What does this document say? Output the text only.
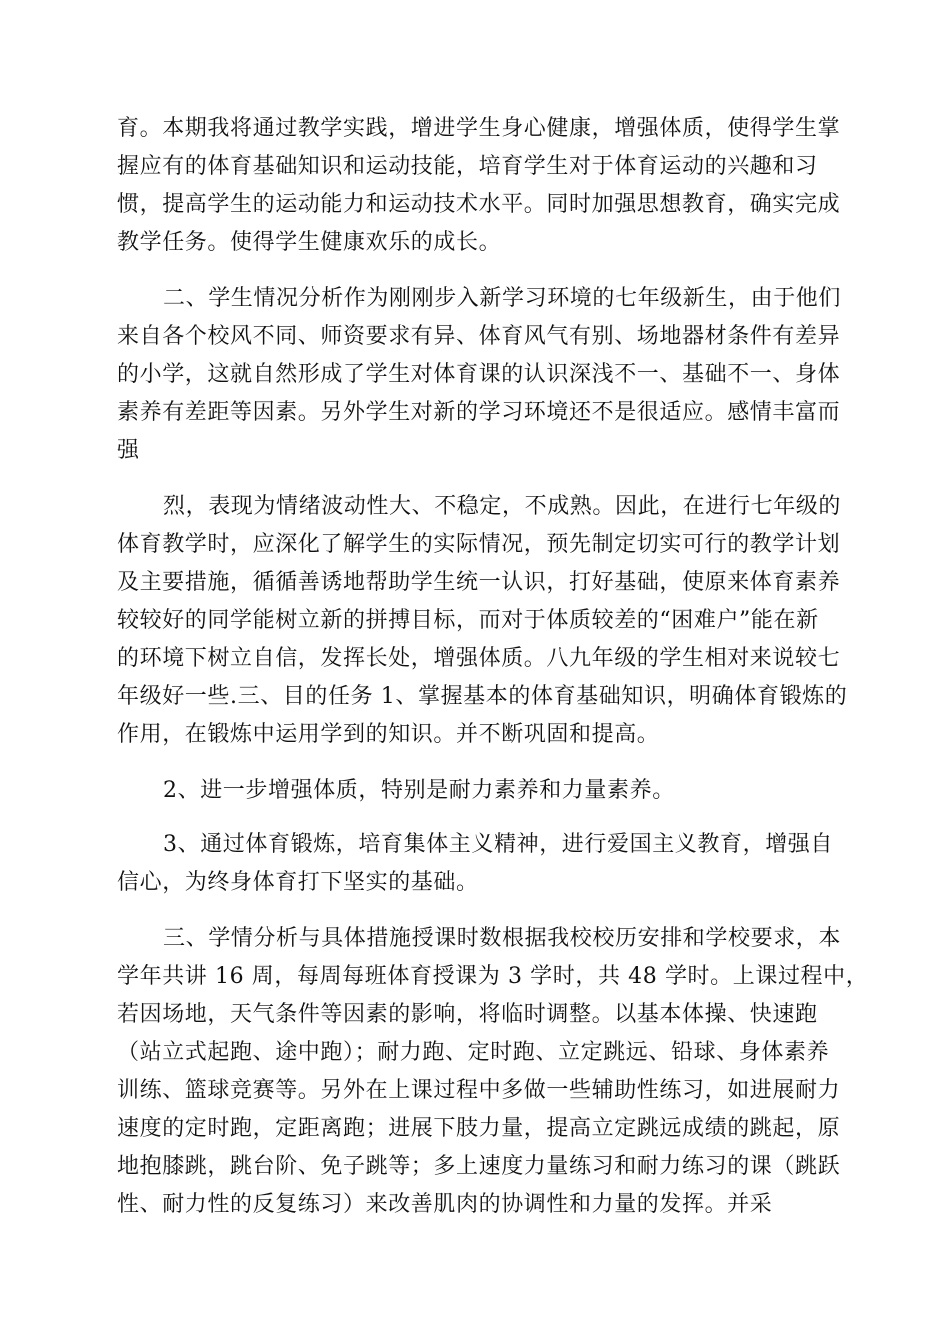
育。本期我将通过教学实践，增进学生身心健康，增强体质，使得学生掌

握应有的体育基础知识和运动技能，培育学生对于体育运动的兴趣和习

惯，提高学生的运动能力和运动技术水平。同时加强思想教育，确实完成

教学任务。使得学生健康欢乐的成长。

二、学生情况分析作为刚刚步入新学习环境的七年级新生，由于他们

来自各个校风不同、师资要求有异、体育风气有别、场地器材条件有差异

的小学，这就自然形成了学生对体育课的认识深浅不一、基础不一、身体

素养有差距等因素。另外学生对新的学习环境还不是很适应。感情丰富而

强

烈，表现为情绪波动性大、不稳定，不成熟。因此，在进行七年级的

体育教学时，应深化了解学生的实际情况，预先制定切实可行的教学计划

及主要措施，循循善诱地帮助学生统一认识，打好基础，使原来体育素养

较较好的同学能树立新的拼搏目标，而对于体质较差的“困难户”能在新

的环境下树立自信，发挥长处，增强体质。八九年级的学生相对来说较七

年级好一些.三、目的任务 1、掌握基本的体育基础知识，明确体育锻炼的

作用，在锻炼中运用学到的知识。并不断巩固和提高。

2、进一步增强体质，特别是耐力素养和力量素养。

3、通过体育锻炼，培育集体主义精神，进行爱国主义教育，增强自

信心，为终身体育打下坚实的基础。

三、学情分析与具体措施授课时数根据我校校历安排和学校要求，本

学年共讲 16 周，每周每班体育授课为 3 学时，共 48 学时。上课过程中，

若因场地，天气条件等因素的影响，将临时调整。以基本体操、快速跑

（站立式起跑、途中跑）；耐力跑、定时跑、立定跳远、铅球、身体素养

训练、篮球竞赛等。另外在上课过程中多做一些辅助性练习，如进展耐力

速度的定时跑，定距离跑；进展下肢力量，提高立定跳远成绩的跳起，原

地抱膝跳，跳台阶、免子跳等；多上速度力量练习和耐力练习的课（跳跃

性、耐力性的反复练习）来改善肌肉的协调性和力量的发挥。并采
